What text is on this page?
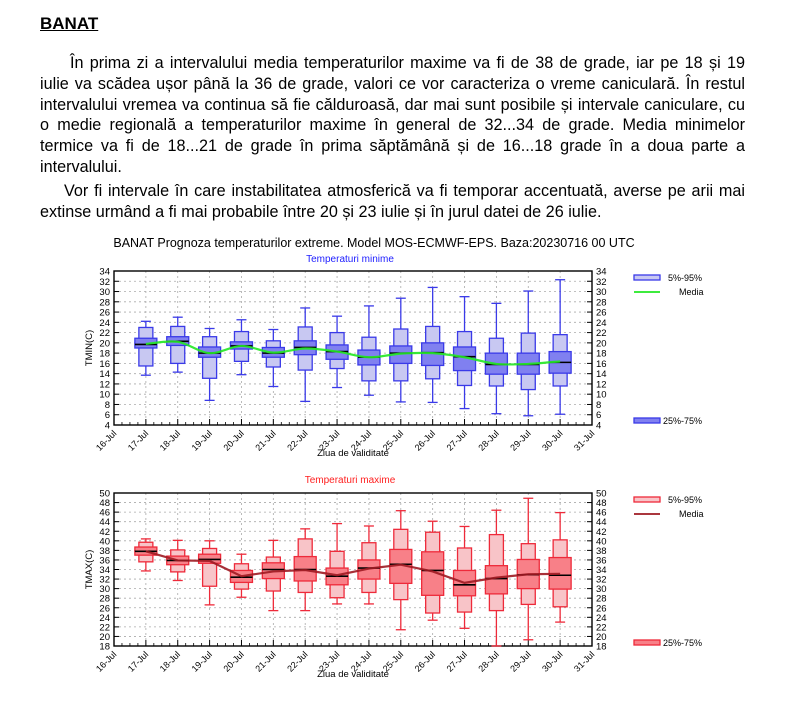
BANAT

În prima zi a intervalului media temperaturilor maxime va fi de 38 de grade, iar pe 18 și 19 iulie va scădea ușor până la 36 de grade, valori ce vor caracteriza o vreme caniculară. În restul intervalului vremea va continua să fie călduroasă, dar mai sunt posibile și intervale caniculare, cu o medie regională a temperaturilor maxime în general de 32...34 de grade. Media minimelor termice va fi de 18...21 de grade în prima săptămână și de 16...18 grade în a doua parte a intervalului.

Vor fi intervale în care instabilitatea atmosferică va fi temporar accentuată, averse pe arii mai extinse urmând a fi mai probabile între 20 și 23 iulie și în jurul datei de 26 iulie.

BANAT Prognoza temperaturilor extreme. Model MOS-ECMWF-EPS. Baza:20230716 00 UTC
Temperaturi minime
4	4
6	6
8	8
10	10
12	12
14	14
16	16
18	18
20	20
22	22
24	24
26	26
28	28
30	30
32	32
34	34
16-Jul 17-Jul 18-Jul 19-Jul 20-Jul 21-Jul 22-Jul 23-Jul 24-Jul 25-Jul 26-Jul 27-Jul 28-Jul 29-Jul 30-Jul 31-Jul
Ziua de validitate
TMIN(C)
5%-95%
Media
25%-75%
Temperaturi maxime
18	18
20	20
22	22
24	24
26	26
28	28
30	30
32	32
34	34
36	36
38	38
40	40
42	42
44	44
46	46
48	48
50	50
16-Jul 17-Jul 18-Jul 19-Jul 20-Jul 21-Jul 22-Jul 23-Jul 24-Jul 25-Jul 26-Jul 27-Jul 28-Jul 29-Jul 30-Jul 31-Jul
Ziua de validitate
TMAX(C)
5%-95%
Media
25%-75%
